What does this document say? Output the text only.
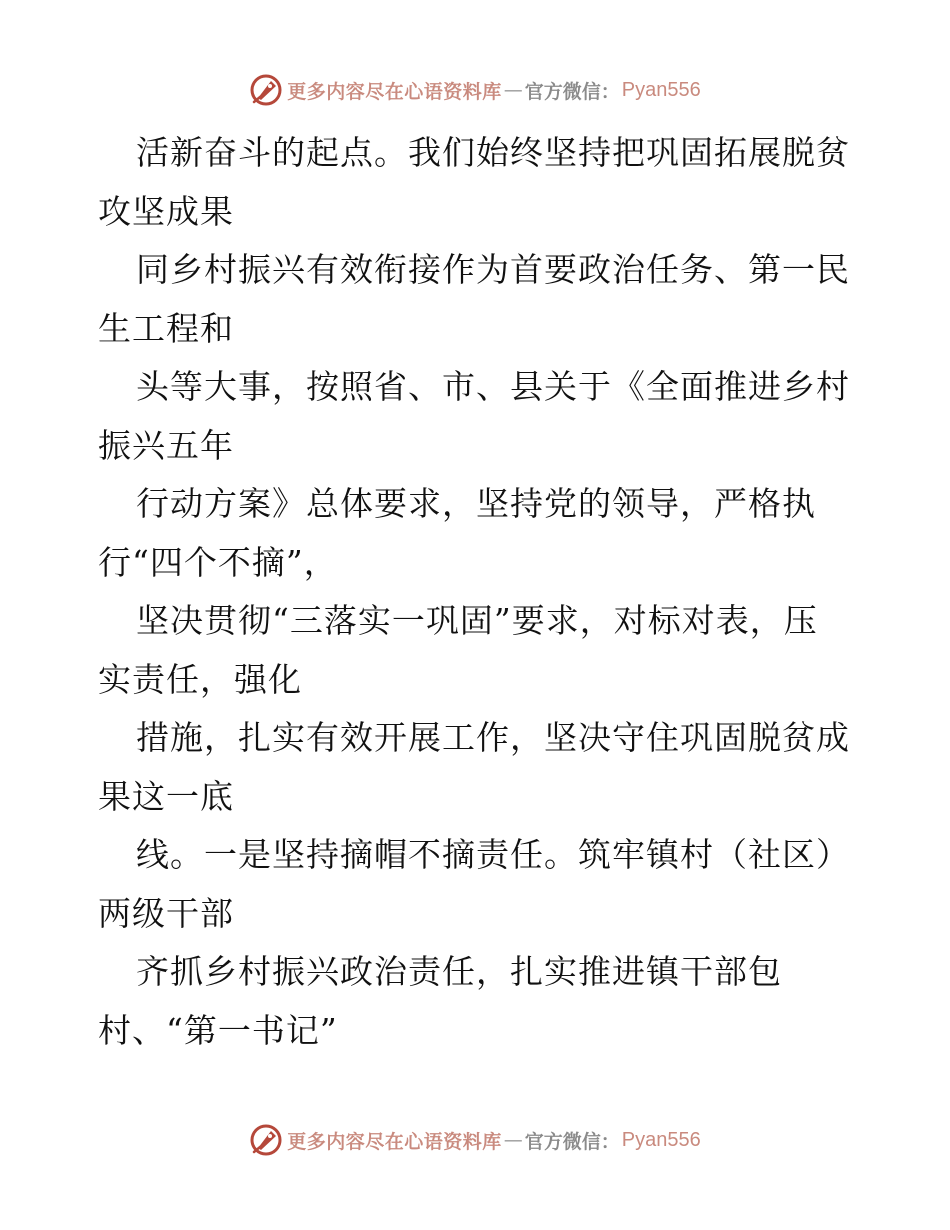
更多内容尽在心语资料库 — 官方微信： Pyan556
活新奋斗的起点。我们始终坚持把巩固拓展脱贫
攻坚成果
同乡村振兴有效衔接作为首要政治任务、第一民
生工程和
头等大事，按照省、市、县关于《全面推进乡村
振兴五年
行动方案》总体要求，坚持党的领导，严格执
行“四个不摘”，
坚决贯彻“三落实一巩固”要求，对标对表，压
实责任，强化
措施，扎实有效开展工作，坚决守住巩固脱贫成
果这一底
线。一是坚持摘帽不摘责任。筑牢镇村（社区）
两级干部
齐抓乡村振兴政治责任，扎实推进镇干部包
村、“第一书记”
更多内容尽在心语资料库 — 官方微信： Pyan556
